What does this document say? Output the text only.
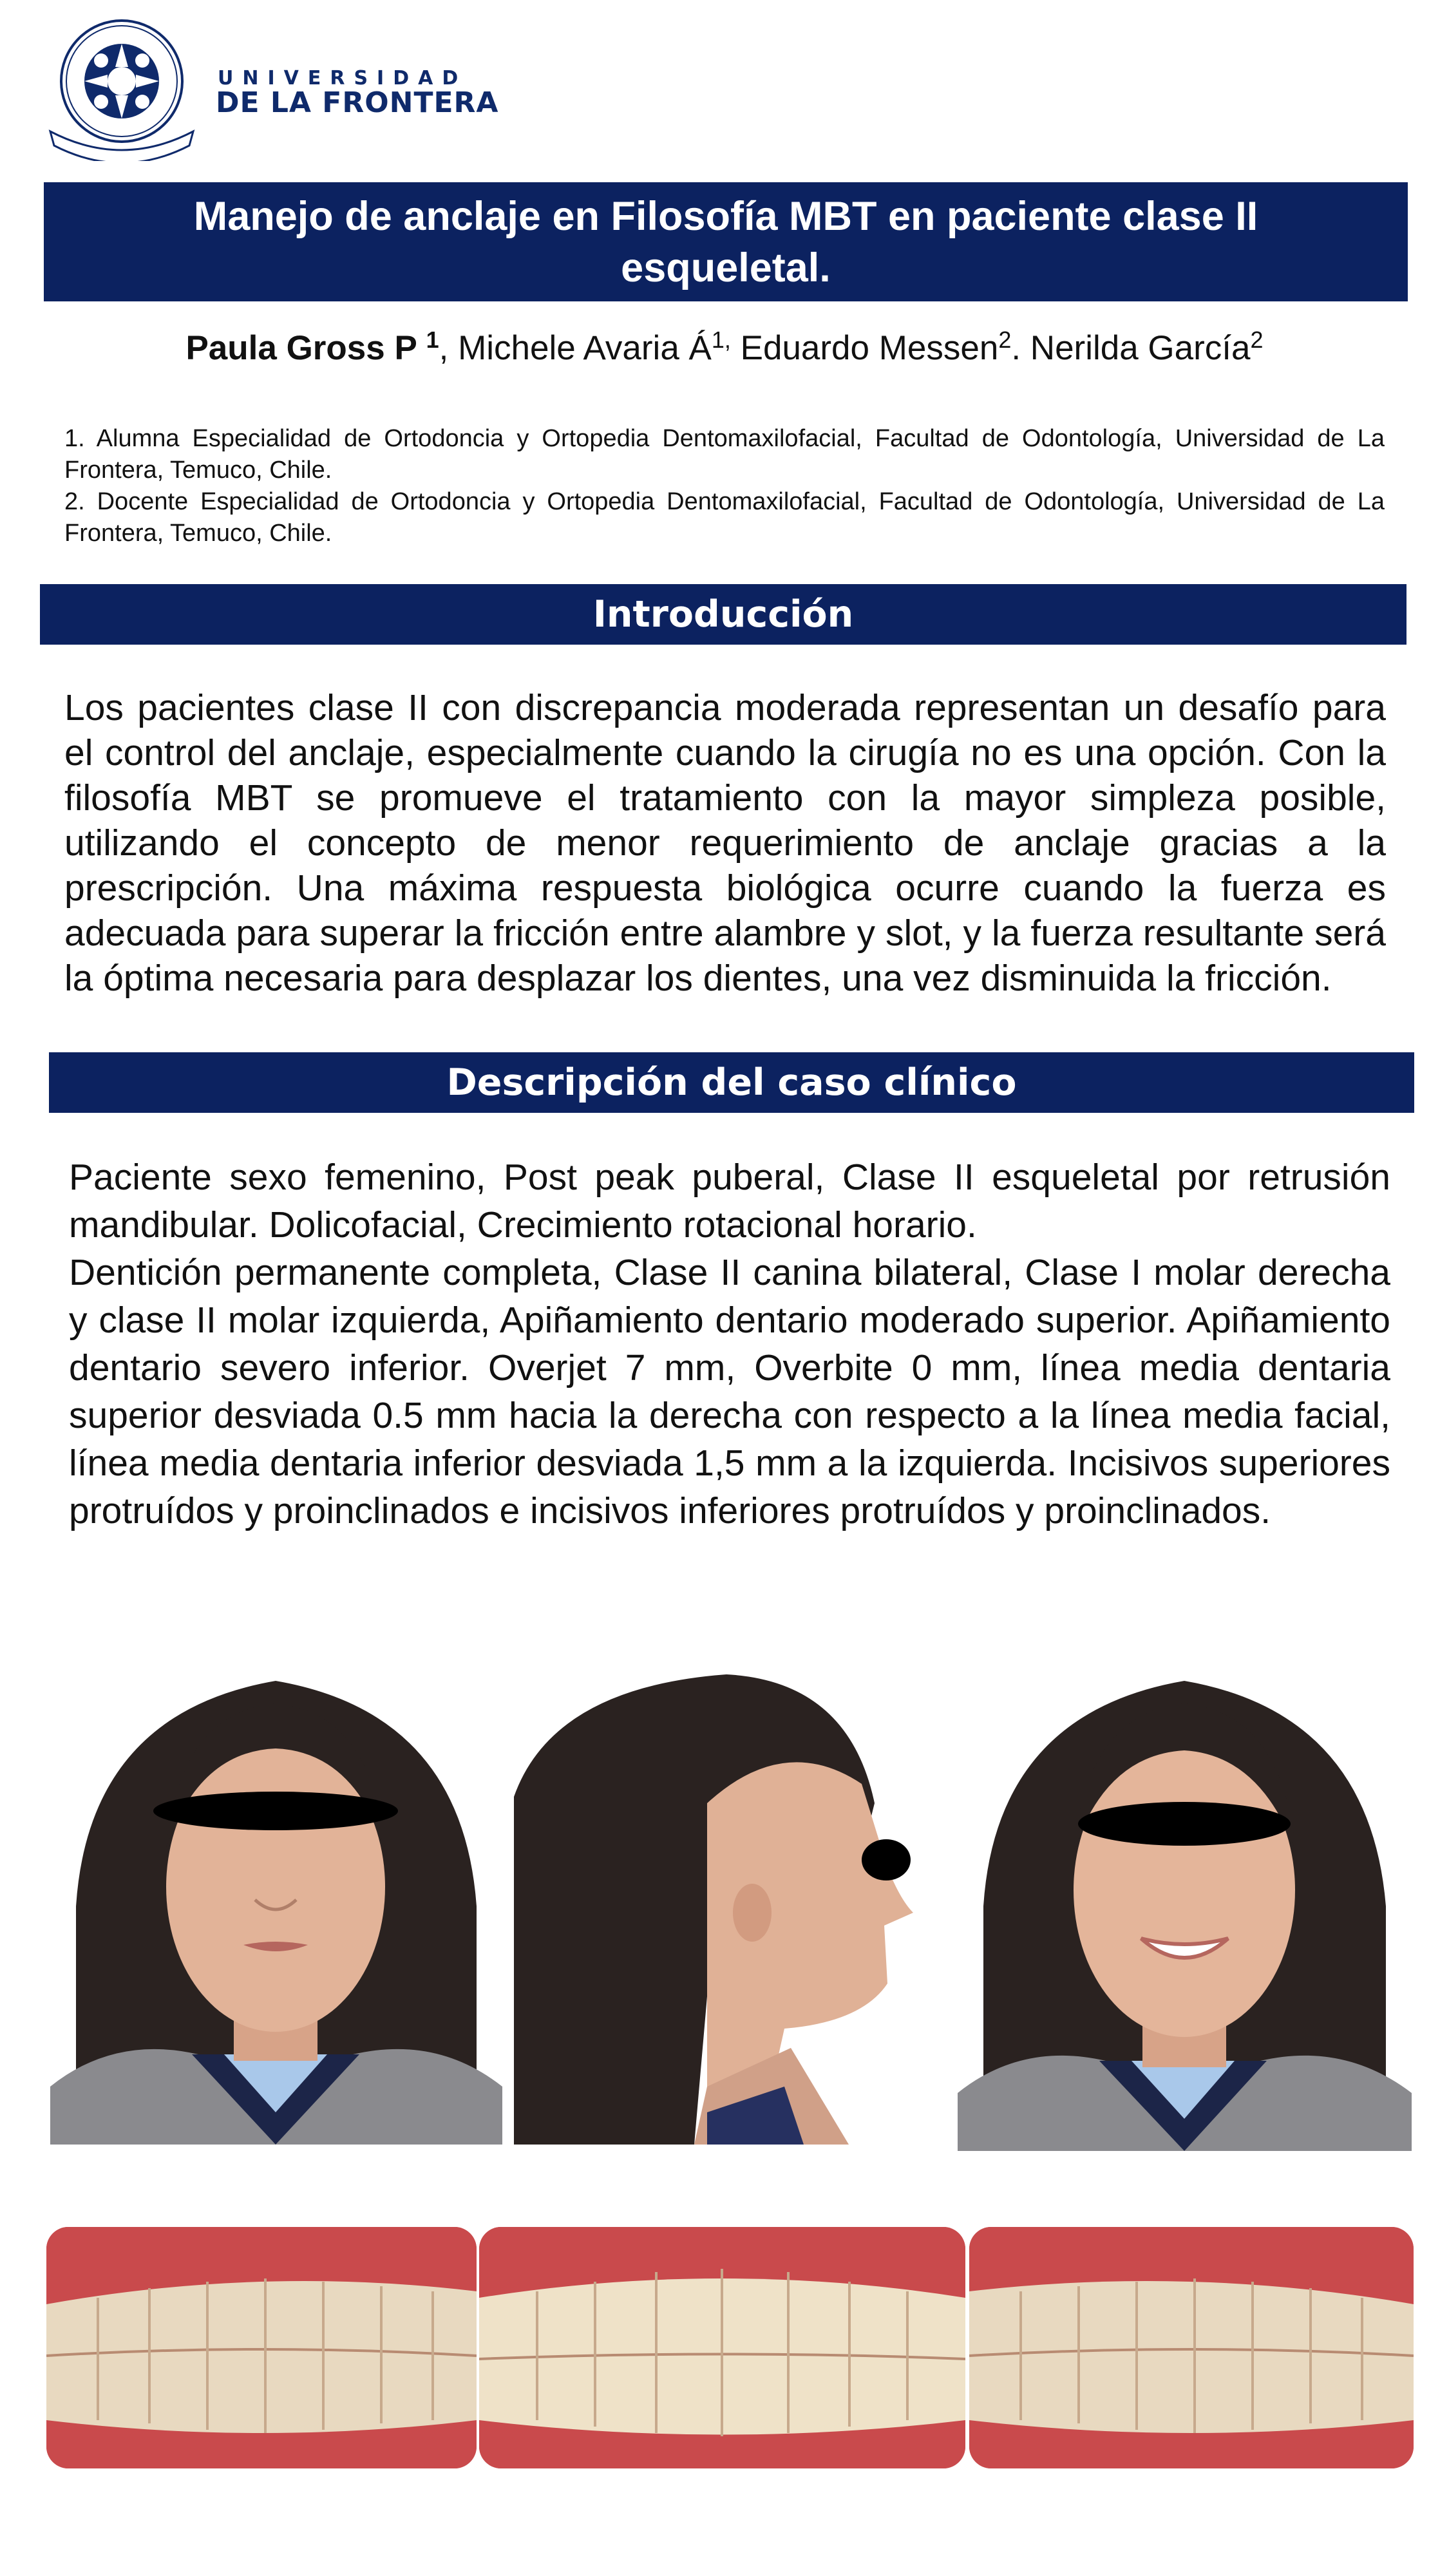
UNIVERSIDAD
DE LA FRONTERA
Manejo de anclaje en Filosofía MBT en paciente clase II esqueletal.
Paula Gross P $^1$, Michele Avaria $Á^{1,}$ Eduardo Messen$^2$. Nerilda García$^2$
1. Alumna Especialidad de Ortodoncia y Ortopedia Dentomaxilofacial, Facultad de Odontología, Universidad de La Frontera, Temuco, Chile.
2. Docente Especialidad de Ortodoncia y Ortopedia Dentomaxilofacial, Facultad de Odontología, Universidad de La Frontera, Temuco, Chile.
Introducción
Los pacientes clase II con discrepancia moderada representan un desafío para el control del anclaje, especialmente cuando la cirugía no es una opción. Con la filosofía MBT se promueve el tratamiento con la mayor simpleza posible, utilizando el concepto de menor requerimiento de anclaje gracias a la prescripción. Una máxima respuesta biológica ocurre cuando la fuerza es adecuada para superar la fricción entre alambre y slot, y la fuerza resultante será la óptima necesaria para desplazar los dientes, una vez disminuida la fricción.
Descripción del caso clínico
Paciente sexo femenino, Post peak puberal, Clase II esqueletal por retrusión mandibular. Dolicofacial, Crecimiento rotacional horario.
Dentición permanente completa, Clase II canina bilateral, Clase I molar derecha y clase II molar izquierda, Apiñamiento dentario moderado superior. Apiñamiento dentario severo inferior. Overjet 7 mm, Overbite 0 mm, línea media dentaria superior desviada 0.5 mm hacia la derecha con respecto a la línea media facial, línea media dentaria inferior desviada 1,5 mm a la izquierda. Incisivos superiores protruídos y proinclinados e incisivos inferiores protruídos y proinclinados.
